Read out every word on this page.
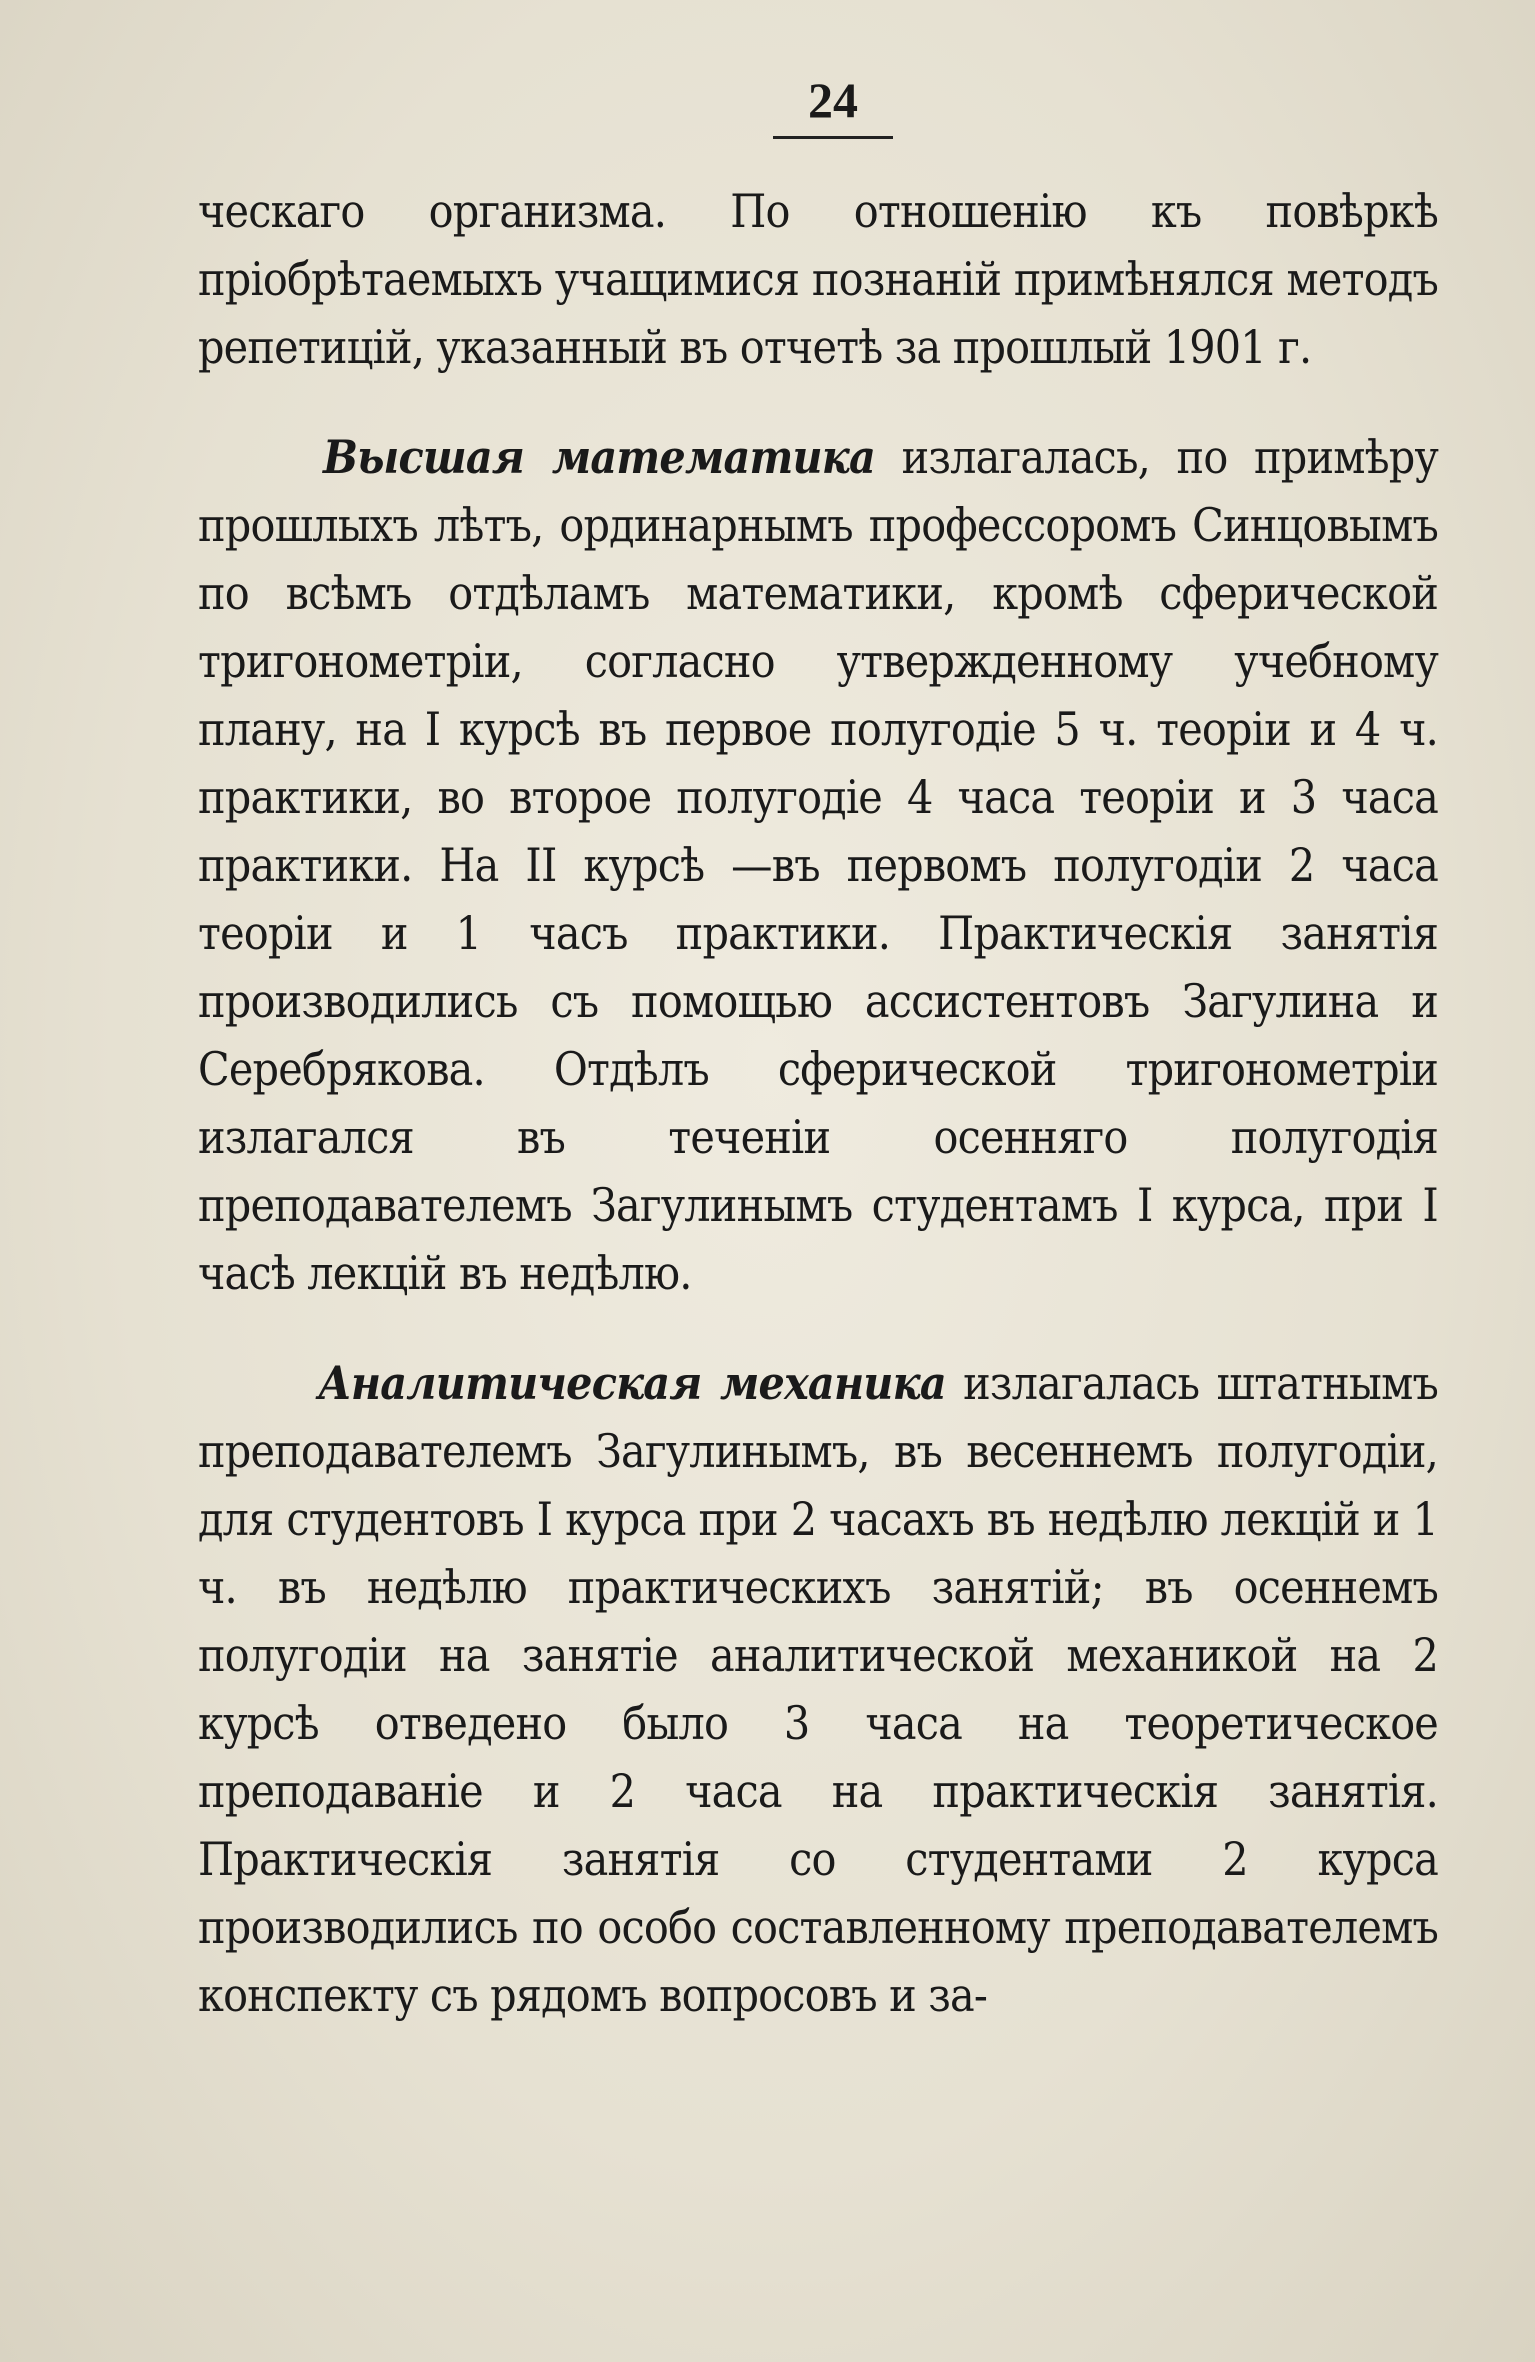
24

ческаго организма. По отношенію къ повѣркѣ пріобрѣтаемыхъ учащимися познаній примѣнялся методъ репетицій, указанный въ отчетѣ за прошлый 1901 г.

Высшая математика излагалась, по примѣру прошлыхъ лѣтъ, ординарнымъ профессоромъ Синцовымъ по всѣмъ отдѣламъ математики, кромѣ сферической тригонометріи, согласно утвержденному учебному плану, на I курсѣ въ первое полугодіе 5 ч. теоріи и 4 ч. практики, во второе полугодіе 4 часа теоріи и 3 часа практики. На II курсѣ —въ первомъ полугодіи 2 часа теоріи и 1 часъ практики. Практическія занятія производились съ помощью ассистентовъ Загулина и Серебрякова. Отдѣлъ сферической тригонометріи излагался въ теченіи осенняго полугодія преподавателемъ Загулинымъ студентамъ I курса, при I часѣ лекцій въ недѣлю.

Аналитическая механика излагалась штатнымъ преподавателемъ Загулинымъ, въ весеннемъ полугодіи, для студентовъ I курса при 2 часахъ въ недѣлю лекцій и 1 ч. въ недѣлю практическихъ занятій; въ осеннемъ полугодіи на занятіе аналитической механикой на 2 курсѣ отведено было 3 часа на теоретическое преподаваніе и 2 часа на практическія занятія. Практическія занятія со студентами 2 курса производились по особо составленному преподавателемъ конспекту съ рядомъ вопросовъ и за-
